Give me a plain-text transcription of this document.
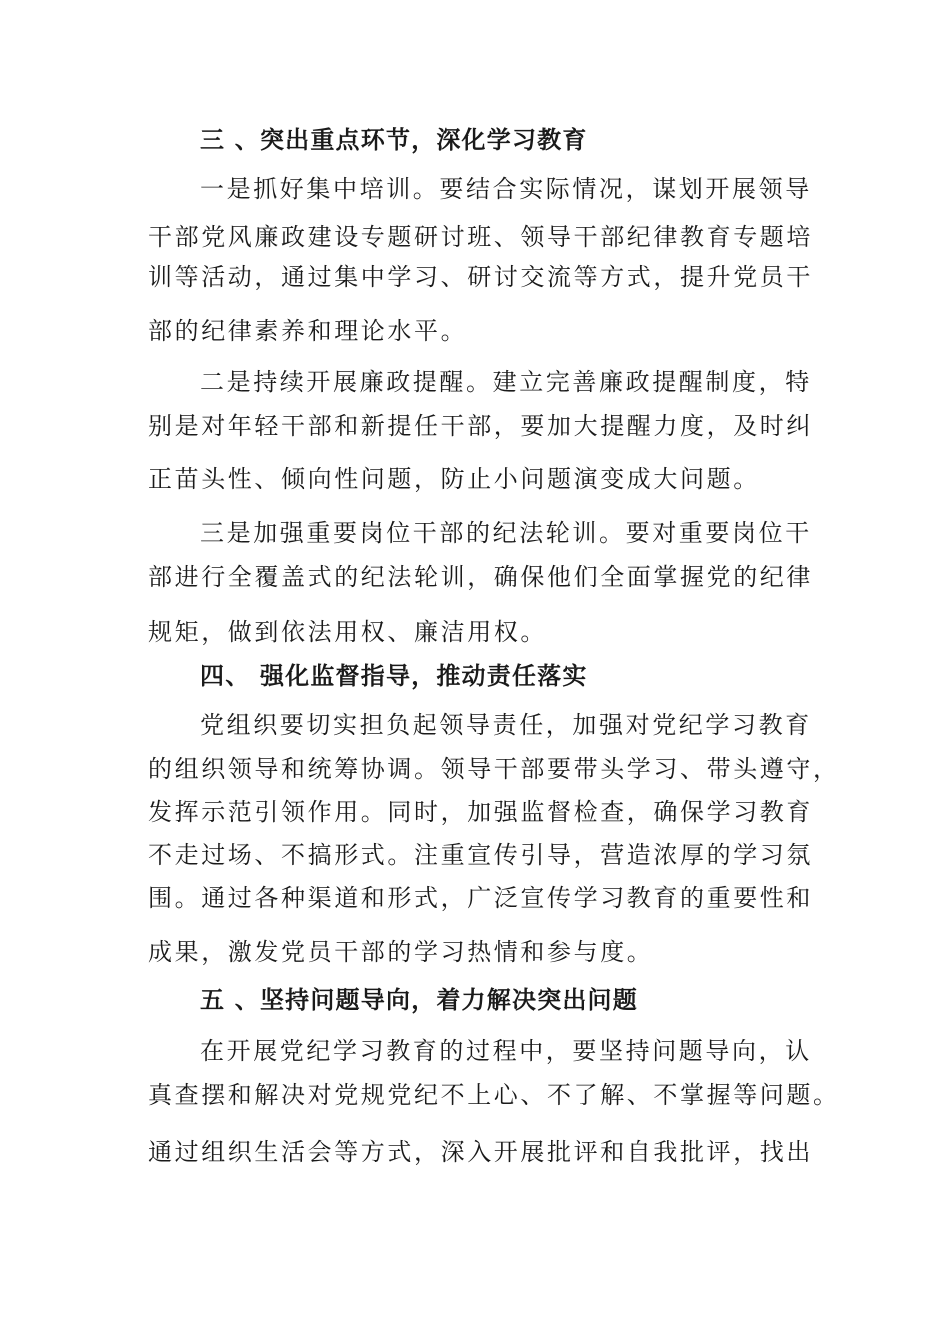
三 、突出重点环节，深化学习教育
一是抓好集中培训。要结合实际情况，谋划开展领导
干部党风廉政建设专题研讨班、领导干部纪律教育专题培
训等活动，通过集中学习、研讨交流等方式，提升党员干
部的纪律素养和理论水平。
二是持续开展廉政提醒。建立完善廉政提醒制度，特
别是对年轻干部和新提任干部，要加大提醒力度，及时纠
正苗头性、倾向性问题，防止小问题演变成大问题。
三是加强重要岗位干部的纪法轮训。要对重要岗位干
部进行全覆盖式的纪法轮训，确保他们全面掌握党的纪律
规矩，做到依法用权、廉洁用权。
四、 强化监督指导，推动责任落实
党组织要切实担负起领导责任，加强对党纪学习教育
的组织领导和统筹协调。领导干部要带头学习、带头遵守，
发挥示范引领作用。同时，加强监督检查，确保学习教育
不走过场、不搞形式。注重宣传引导，营造浓厚的学习氛
围。通过各种渠道和形式，广泛宣传学习教育的重要性和
成果，激发党员干部的学习热情和参与度。
五 、坚持问题导向，着力解决突出问题
在开展党纪学习教育的过程中，要坚持问题导向，认
真查摆和解决对党规党纪不上心、不了解、不掌握等问题。
通过组织生活会等方式，深入开展批评和自我批评，找出
